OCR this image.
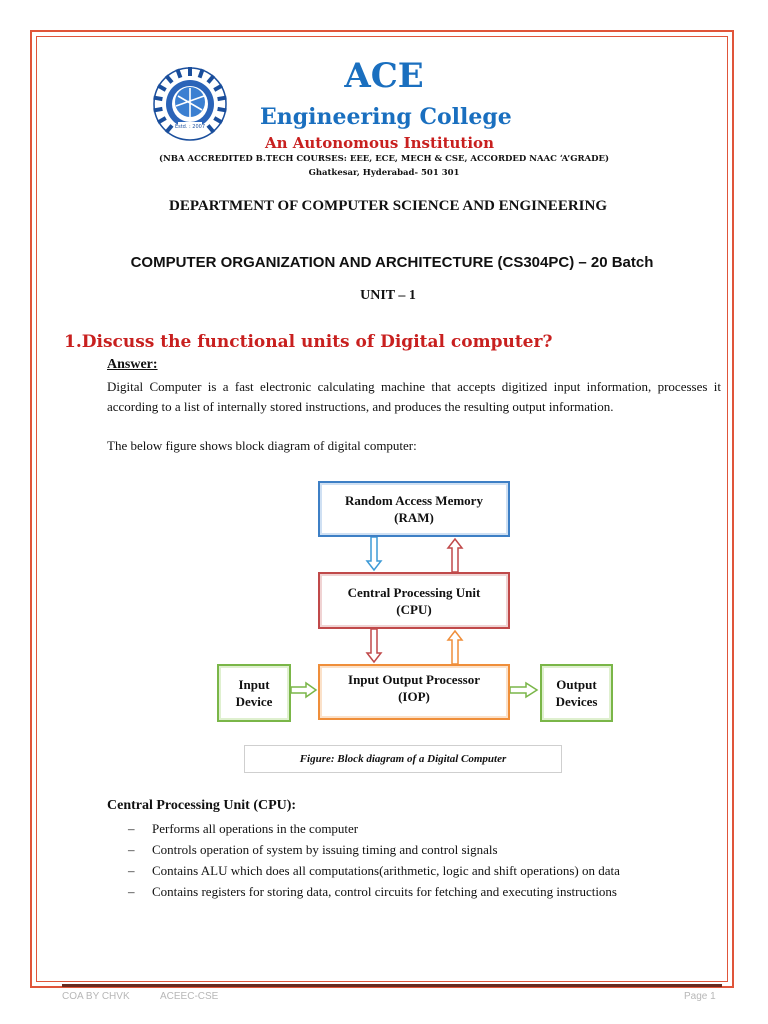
Estd. : 2007
ACE
Engineering College
An Autonomous Institution
(NBA ACCREDITED B.TECH COURSES: EEE, ECE, MECH & CSE, ACCORDED NAAC ‘A’GRADE)
Ghatkesar, Hyderabad- 501 301
DEPARTMENT OF COMPUTER SCIENCE AND ENGINEERING
COMPUTER ORGANIZATION AND ARCHITECTURE (CS304PC) – 20 Batch
UNIT – 1
1.Discuss the functional units of Digital computer?
Answer:
Digital Computer is a fast electronic calculating machine that accepts digitized input information, processes it according to a list of internally stored instructions, and produces the resulting output information.
The below figure shows block diagram of digital computer:
Random Access Memory
(RAM)
Central Processing Unit
(CPU)
Input Output Processor
(IOP)
Input
Device
Output
Devices
Figure: Block diagram of a Digital Computer
Central Processing Unit (CPU):
– Performs all operations in the computer
– Controls operation of system by issuing timing and control signals
– Contains ALU which does all computations(arithmetic, logic and shift operations) on data
– Contains registers for storing data, control circuits for fetching and executing instructions
COA BY CHVK	ACEEC-CSE	Page 1
